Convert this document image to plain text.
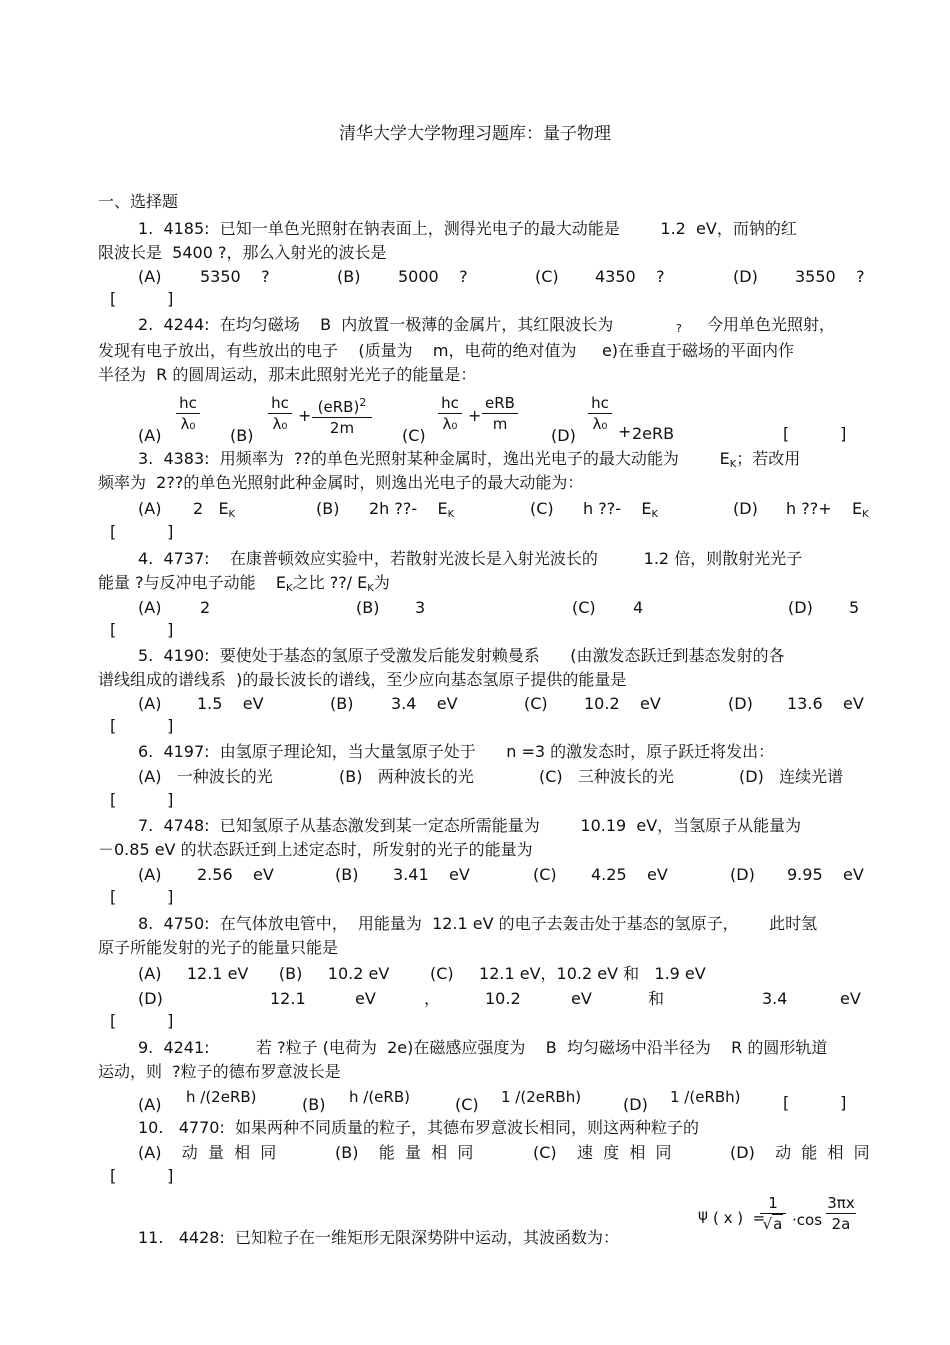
清华大学大学物理习题库：量子物理
一、选择题
1.  4185:  已知一单色光照射在钠表面上，测得光电子的最大动能是        1.2  eV，而钠的红
限波长是  5400 ?，那么入射光的波长是
(A) 5350    ?	(B) 5000    ?	(C) 4350    ?	(D) 3550    ?
[          ]
2.  4244:  在均匀磁场    B  内放置一极薄的金属片，其红限波长为	? 今用单色光照射，
发现有电子放出，有些放出的电子    (质量为    m，电荷的绝对值为     e)在垂直于磁场的平面内作
半径为  R 的圆周运动，那末此照射光光子的能量是：
(A)
hc
λ₀
(B)
hc
λ₀ + (eRB)$^2$
2m	(C)
hc
λ₀ +
eRB
m
(D)
hc
λ₀ + 2eRB	[          ]
3.  4383:  用频率为  ??的单色光照射某种金属时，逸出光电子的最大动能为        $E_K$；若改用
频率为  2??的单色光照射此种金属时，则逸出光电子的最大动能为：
(A) 2   $E_K$	(B) 2h ??-    $E_K$	(C) h ??-    $E_K$	(D) h ??+    $E_K$
[          ]
4.  4737:    在康普顿效应实验中，若散射光波长是入射光波长的         1.2 倍，则散射光光子
能量 ?与反冲电子动能    $E_K$之比 ??/ $E_K$为
(A) 2	(B) 3	(C) 4	(D) 5
[          ]
5.  4190:  要使处于基态的氢原子受激发后能发射赖曼系      (由激发态跃迁到基态发射的各
谱线组成的谱线系  )的最长波长的谱线，至少应向基态氢原子提供的能量是
(A) 1.5    eV	(B) 3.4    eV	(C) 10.2    eV	(D) 13.6    eV
[          ]
6.  4197:  由氢原子理论知，当大量氢原子处于      n =3 的激发态时，原子跃迁将发出：
(A)   一种波长的光	(B)   两种波长的光	(C)   三种波长的光	(D)   连续光谱
[          ]
7.  4748:  已知氢原子从基态激发到某一定态所需能量为        10.19  eV，当氢原子从能量为
－0.85 eV 的状态跃迁到上述定态时，所发射的光子的能量为
(A) 2.56    eV	(B) 3.41    eV	(C) 4.25    eV	(D) 9.95    eV
[          ]
8.  4750:  在气体放电管中，  用能量为  12.1 eV 的电子去轰击处于基态的氢原子，      此时氢
原子所能发射的光子的能量只能是
(A)     12.1 eV      (B)     10.2 eV        (C)     12.1 eV，10.2 eV 和   1.9 eV
(D)	12.1	eV	，	10.2	eV	和	3.4	eV
[          ]
9.  4241:	若 ?粒子 (电荷为  2e)在磁感应强度为    B  均匀磁场中沿半径为    R 的圆形轨道
运动，则  ?粒子的德布罗意波长是
(A) h /(2eRB)	(B) h /(eRB)	(C) 1 /(2eRBh)	(D) 1 /(eRBh)	[          ]
10.   4770:  如果两种不同质量的粒子，其德布罗意波长相同，则这两种粒子的
(A)    动  量  相  同	(B)    能  量  相  同	(C)    速  度  相  同	(D)    动  能  相  同
[          ]
11.   4428:  已知粒子在一维矩形无限深势阱中运动，其波函数为：
ψ ( x )  =
1
√a ·cos
3πx
2a
